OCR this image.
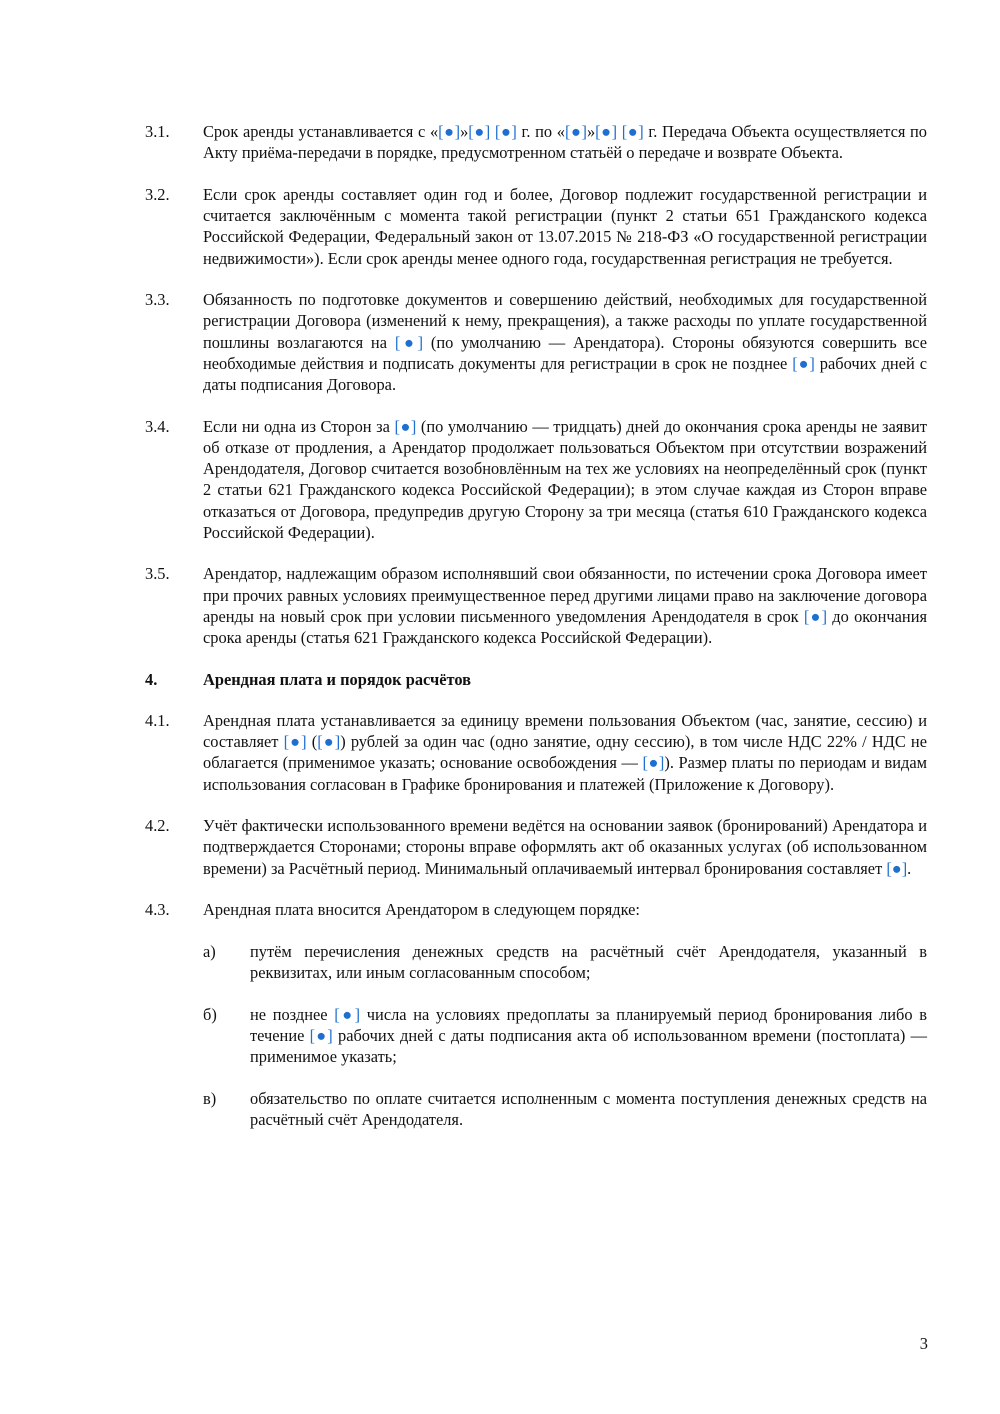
3.1.	Срок аренды устанавливается с «[●]»[●] [●] г. по «[●]»[●] [●] г. Передача Объекта осуществляется по Акту приёма-передачи в порядке, предусмотренном статьёй о передаче и возврате Объекта.
3.2.	Если срок аренды составляет один год и более, Договор подлежит государственной регистрации и считается заключённым с момента такой регистрации (пункт 2 статьи 651 Гражданского кодекса Российской Федерации, Федеральный закон от 13.07.2015 № 218-ФЗ «О государственной регистрации недвижимости»). Если срок аренды менее одного года, государственная регистрация не требуется.
3.3.	Обязанность по подготовке документов и совершению действий, необходимых для государственной регистрации Договора (изменений к нему, прекращения), а также расходы по уплате государственной пошлины возлагаются на [●] (по умолчанию — Арендатора). Стороны обязуются совершить все необходимые действия и подписать документы для регистрации в срок не позднее [●] рабочих дней с даты подписания Договора.
3.4.	Если ни одна из Сторон за [●] (по умолчанию — тридцать) дней до окончания срока аренды не заявит об отказе от продления, а Арендатор продолжает пользоваться Объектом при отсутствии возражений Арендодателя, Договор считается возобновлённым на тех же условиях на неопределённый срок (пункт 2 статьи 621 Гражданского кодекса Российской Федерации); в этом случае каждая из Сторон вправе отказаться от Договора, предупредив другую Сторону за три месяца (статья 610 Гражданского кодекса Российской Федерации).
3.5.	Арендатор, надлежащим образом исполнявший свои обязанности, по истечении срока Договора имеет при прочих равных условиях преимущественное перед другими лицами право на заключение договора аренды на новый срок при условии письменного уведомления Арендодателя в срок [●] до окончания срока аренды (статья 621 Гражданского кодекса Российской Федерации).
4.	Арендная плата и порядок расчётов
4.1.	Арендная плата устанавливается за единицу времени пользования Объектом (час, занятие, сессию) и составляет [●] ([●]) рублей за один час (одно занятие, одну сессию), в том числе НДС 22% / НДС не облагается (применимое указать; основание освобождения — [●]). Размер платы по периодам и видам использования согласован в Графике бронирования и платежей (Приложение к Договору).
4.2.	Учёт фактически использованного времени ведётся на основании заявок (бронирований) Арендатора и подтверждается Сторонами; стороны вправе оформлять акт об оказанных услугах (об использованном времени) за Расчётный период. Минимальный оплачиваемый интервал бронирования составляет [●].
4.3.	Арендная плата вносится Арендатором в следующем порядке:
а)	путём перечисления денежных средств на расчётный счёт Арендодателя, указанный в реквизитах, или иным согласованным способом;
б)	не позднее [●] числа на условиях предоплаты за планируемый период бронирования либо в течение [●] рабочих дней с даты подписания акта об использованном времени (постоплата) — применимое указать;
в)	обязательство по оплате считается исполненным с момента поступления денежных средств на расчётный счёт Арендодателя.
3
